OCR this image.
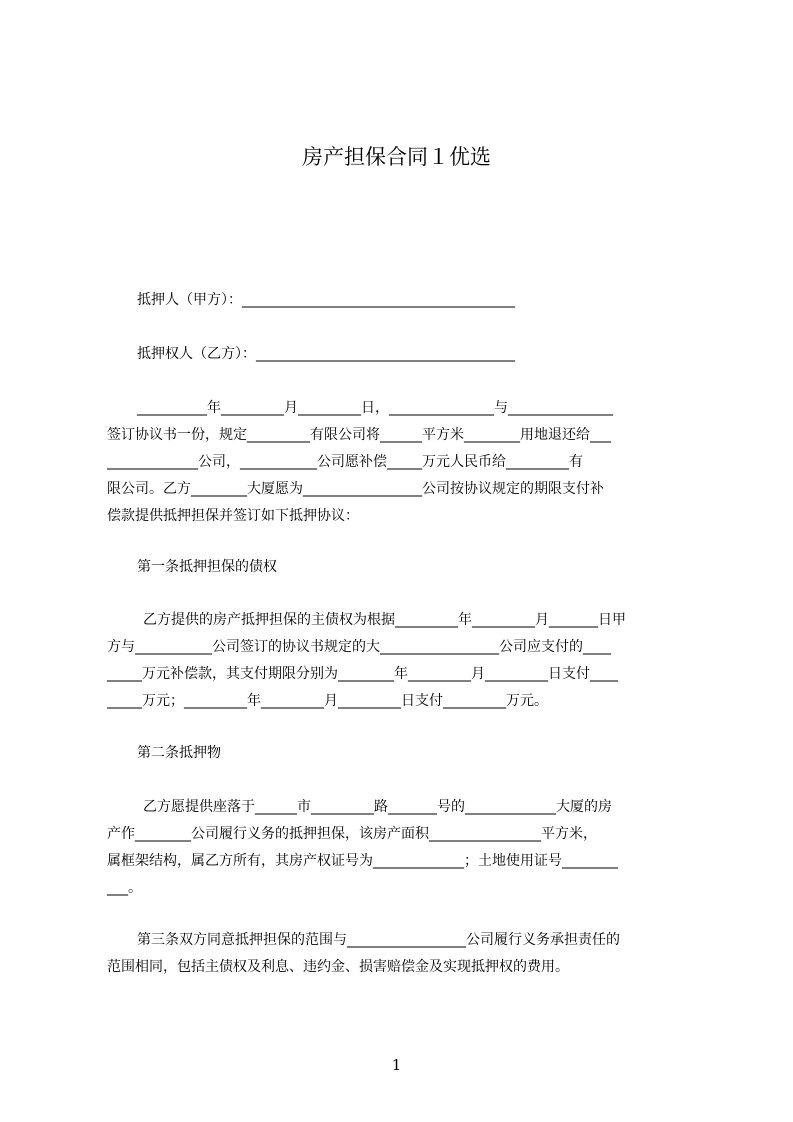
房产担保合同１优选
抵押人（甲方）：_______________________________________
抵押权人（乙方）：_____________________________________
__________年_________月_________日，_______________与_______________
签订协议书一份，规定_________有限公司将______平方米________用地退还给___
_____________公司，___________公司愿补偿_____万元人民币给_________有
限公司。乙方________大厦愿为_________________公司按协议规定的期限支付补
偿款提供抵押担保并签订如下抵押协议：
第一条抵押担保的债权
乙方提供的房产抵押担保的主债权为根据_________年_________月_______日甲
方与___________公司签订的协议书规定的大_________________公司应支付的____
_____万元补偿款，其支付期限分别为________年_________月_________日支付____
_____万元；_________年_________月_________日支付_________万元。
第二条抵押物
乙方愿提供座落于______市_________路_______号的_____________大厦的房
产作________公司履行义务的抵押担保，该房产面积________________平方米，
属框架结构，属乙方所有，其房产权证号为_____________；土地使用证号________
___。
第三条双方同意抵押担保的范围与_________________公司履行义务承担责任的
范围相同，包括主债权及利息、违约金、损害赔偿金及实现抵押权的费用。
1
